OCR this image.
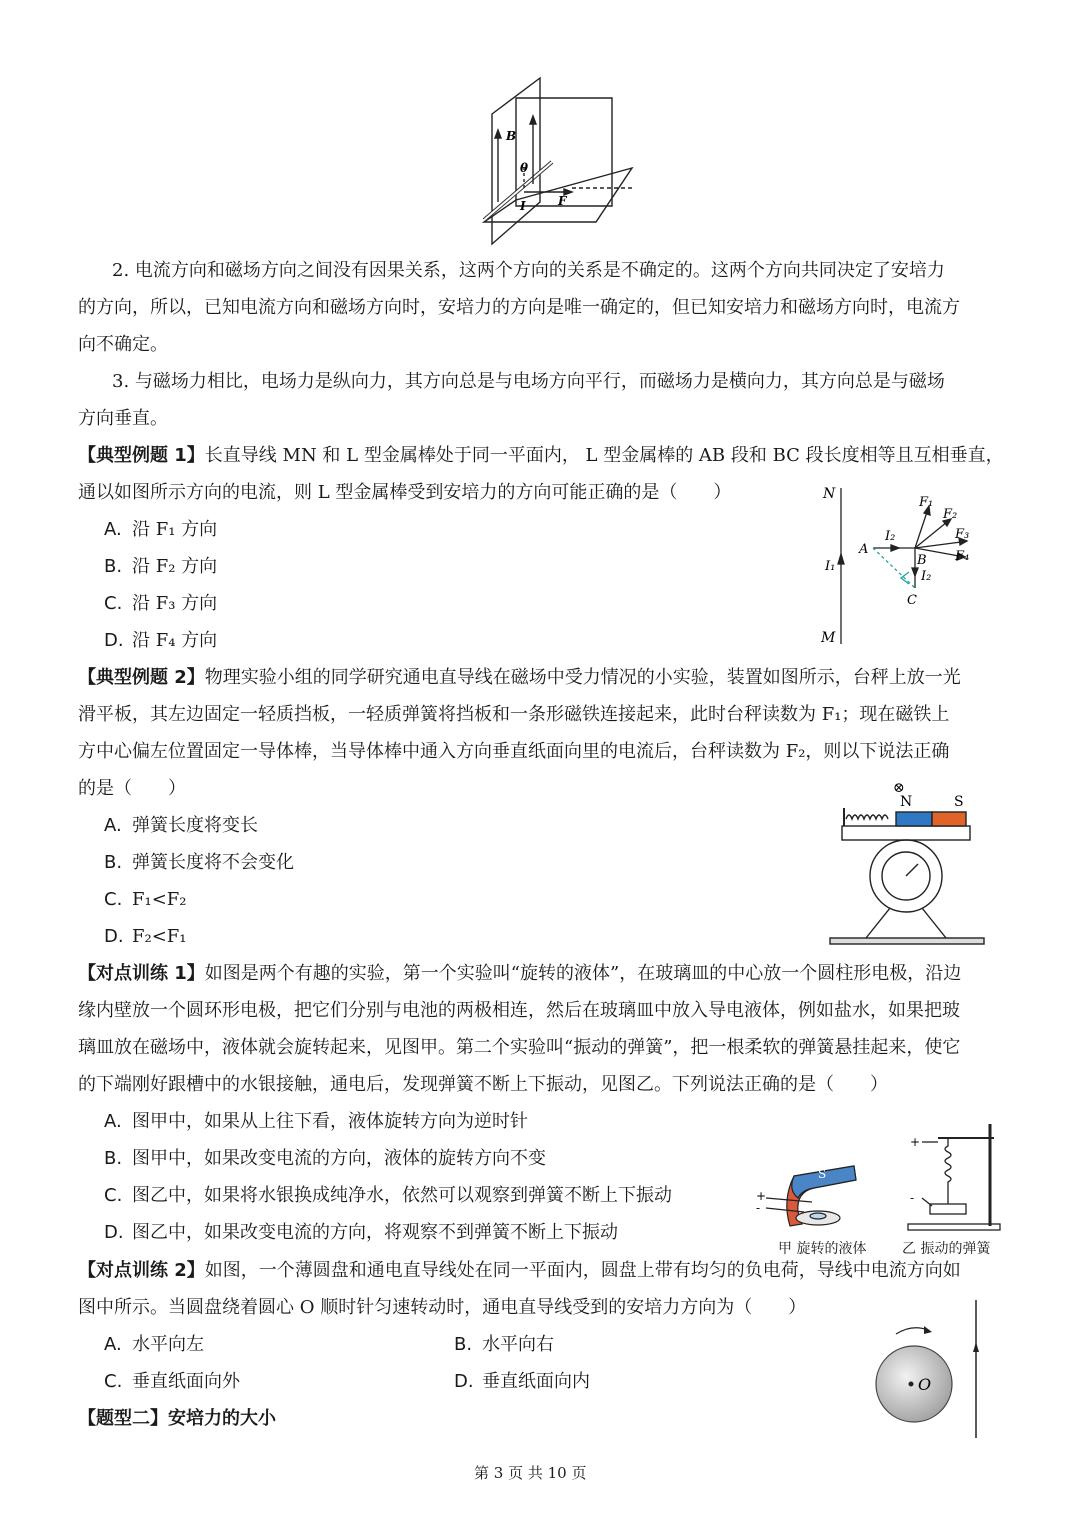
B
θ
I	F
2. 电流方向和磁场方向之间没有因果关系，这两个方向的关系是不确定的。这两个方向共同决定了安培力
的方向，所以，已知电流方向和磁场方向时，安培力的方向是唯一确定的，但已知安培力和磁场方向时，电流方
向不确定。
3. 与磁场力相比，电场力是纵向力，其方向总是与电场方向平行，而磁场力是横向力，其方向总是与磁场
方向垂直。
【典型例题 1】长直导线 MN 和 L 型金属棒处于同一平面内， L 型金属棒的 AB 段和 BC 段长度相等且互相垂直，
通以如图所示方向的电流，则 L 型金属棒受到安培力的方向可能正确的是（　　）
A. 沿 F₁ 方向
B. 沿 F₂ 方向
C. 沿 F₃ 方向
D. 沿 F₄ 方向
N
M
I₁
I₂
I₂
A
B
C
F₁
F₂
F₃
F₄
【典型例题 2】物理实验小组的同学研究通电直导线在磁场中受力情况的小实验，装置如图所示，台秤上放一光
滑平板，其左边固定一轻质挡板，一轻质弹簧将挡板和一条形磁铁连接起来，此时台秤读数为 F₁；现在磁铁上
方中心偏左位置固定一导体棒，当导体棒中通入方向垂直纸面向里的电流后，台秤读数为 F₂，则以下说法正确
的是（　　）
A. 弹簧长度将变长
B. 弹簧长度将不会变化
C. F₁<F₂
D. F₂<F₁
N	S
⊗
【对点训练 1】如图是两个有趣的实验，第一个实验叫“旋转的液体”，在玻璃皿的中心放一个圆柱形电极，沿边
缘内壁放一个圆环形电极，把它们分别与电池的两极相连，然后在玻璃皿中放入导电液体，例如盐水，如果把玻
璃皿放在磁场中，液体就会旋转起来，见图甲。第二个实验叫“振动的弹簧”，把一根柔软的弹簧悬挂起来，使它
的下端刚好跟槽中的水银接触，通电后，发现弹簧不断上下振动，见图乙。下列说法正确的是（　　）
A. 图甲中，如果从上往下看，液体旋转方向为逆时针
B. 图甲中，如果改变电流的方向，液体的旋转方向不变
C. 图乙中，如果将水银换成纯净水，依然可以观察到弹簧不断上下振动
D. 图乙中，如果改变电流的方向，将观察不到弹簧不断上下振动
S
+
-
+
-
甲 旋转的液体	乙 振动的弹簧
【对点训练 2】如图，一个薄圆盘和通电直导线处在同一平面内，圆盘上带有均匀的负电荷，导线中电流方向如
图中所示。当圆盘绕着圆心 O 顺时针匀速转动时，通电直导线受到的安培力方向为（　　）
A. 水平向左	B. 水平向右
C. 垂直纸面向外	D. 垂直纸面向内	O
【题型二】安培力的大小
第 3 页 共 10 页
